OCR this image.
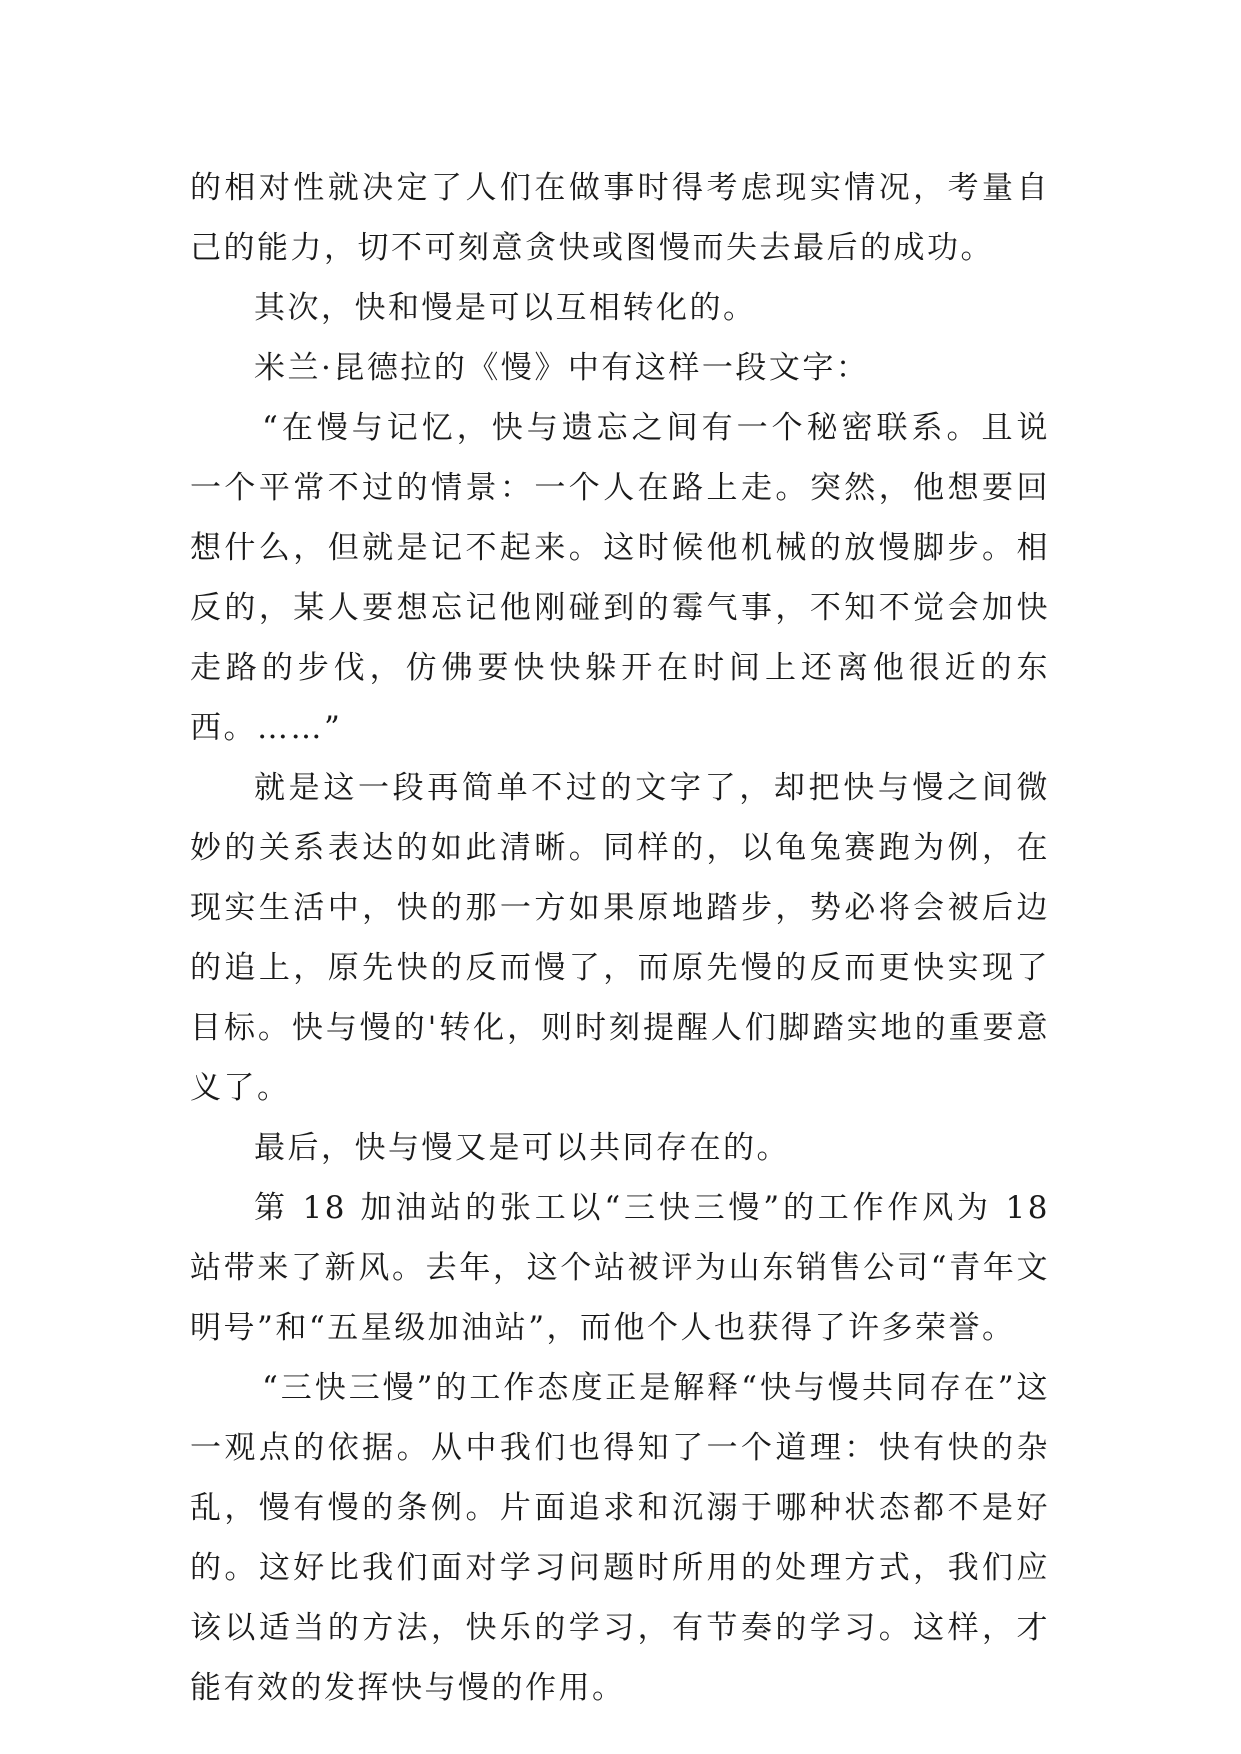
的相对性就决定了人们在做事时得考虑现实情况，考量自己的能力，切不可刻意贪快或图慢而失去最后的成功。

其次，快和慢是可以互相转化的。

米兰·昆德拉的《慢》中有这样一段文字：

“在慢与记忆，快与遗忘之间有一个秘密联系。且说一个平常不过的情景：一个人在路上走。突然，他想要回想什么，但就是记不起来。这时候他机械的放慢脚步。相反的，某人要想忘记他刚碰到的霉气事，不知不觉会加快走路的步伐，仿佛要快快躲开在时间上还离他很近的东西。……”

就是这一段再简单不过的文字了，却把快与慢之间微妙的关系表达的如此清晰。同样的，以龟兔赛跑为例，在现实生活中，快的那一方如果原地踏步，势必将会被后边的追上，原先快的反而慢了，而原先慢的反而更快实现了目标。快与慢的'转化，则时刻提醒人们脚踏实地的重要意义了。

最后，快与慢又是可以共同存在的。

第 18 加油站的张工以“三快三慢”的工作作风为 18 站带来了新风。去年，这个站被评为山东销售公司“青年文明号”和“五星级加油站”，而他个人也获得了许多荣誉。

“三快三慢”的工作态度正是解释“快与慢共同存在”这一观点的依据。从中我们也得知了一个道理：快有快的杂乱，慢有慢的条例。片面追求和沉溺于哪种状态都不是好的。这好比我们面对学习问题时所用的处理方式，我们应该以适当的方法，快乐的学习，有节奏的学习。这样，才能有效的发挥快与慢的作用。
